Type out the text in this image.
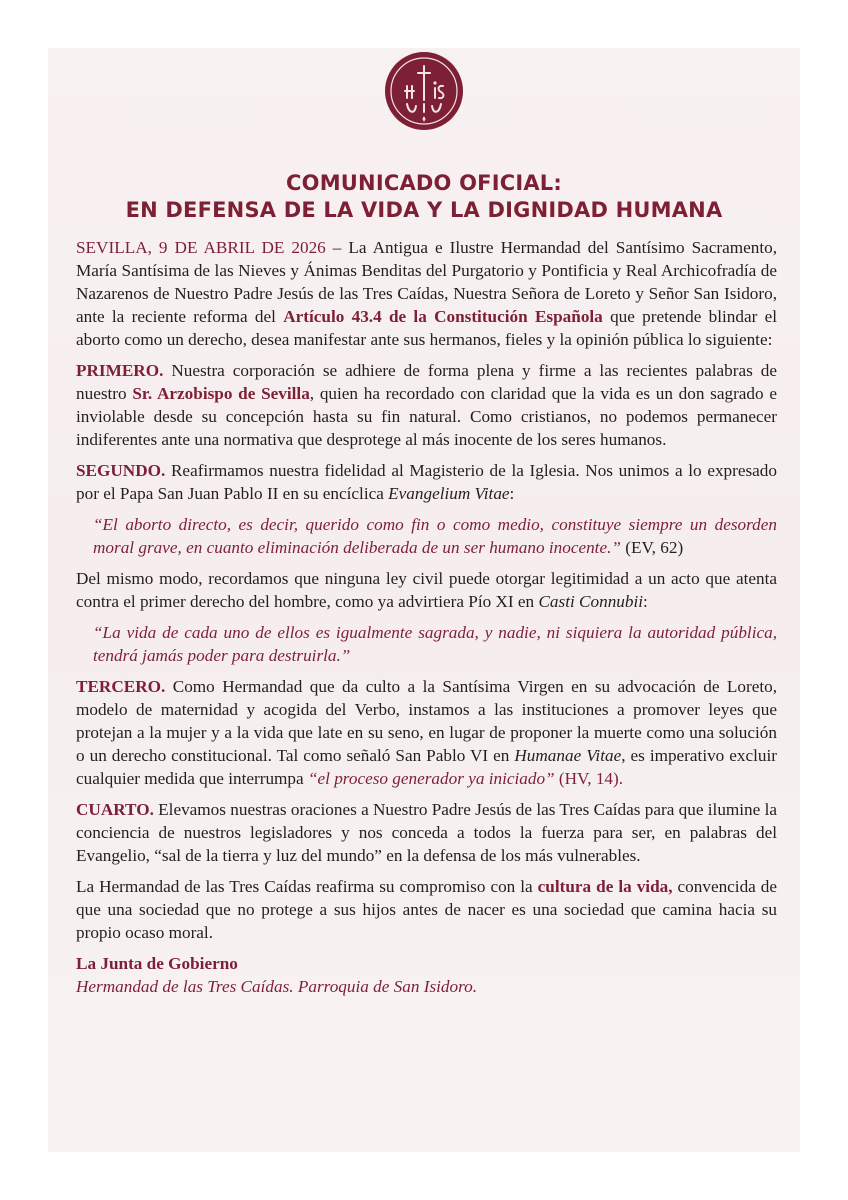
COMUNICADO OFICIAL:
EN DEFENSA DE LA VIDA Y LA DIGNIDAD HUMANA

SEVILLA, 9 DE ABRIL DE 2026 – La Antigua e Ilustre Hermandad del Santísimo Sacramento, María Santísima de las Nieves y Ánimas Benditas del Purgatorio y Pontificia y Real Archicofradía de Nazarenos de Nuestro Padre Jesús de las Tres Caídas, Nuestra Señora de Loreto y Señor San Isidoro, ante la reciente reforma del Artículo 43.4 de la Constitución Española que pretende blindar el aborto como un derecho, desea manifestar ante sus hermanos, fieles y la opinión pública lo siguiente:

PRIMERO. Nuestra corporación se adhiere de forma plena y firme a las recientes palabras de nuestro Sr. Arzobispo de Sevilla, quien ha recordado con claridad que la vida es un don sagrado e inviolable desde su concepción hasta su fin natural. Como cristianos, no podemos permanecer indiferentes ante una normativa que desprotege al más inocente de los seres humanos.

SEGUNDO. Reafirmamos nuestra fidelidad al Magisterio de la Iglesia. Nos unimos a lo expresado por el Papa San Juan Pablo II en su encíclica Evangelium Vitae:

“El aborto directo, es decir, querido como fin o como medio, constituye siempre un desorden moral grave, en cuanto eliminación deliberada de un ser humano inocente.” (EV, 62)

Del mismo modo, recordamos que ninguna ley civil puede otorgar legitimidad a un acto que atenta contra el primer derecho del hombre, como ya advirtiera Pío XI en Casti Connubii:

“La vida de cada uno de ellos es igualmente sagrada, y nadie, ni siquiera la autoridad pública, tendrá jamás poder para destruirla.”

TERCERO. Como Hermandad que da culto a la Santísima Virgen en su advocación de Loreto, modelo de maternidad y acogida del Verbo, instamos a las instituciones a promover leyes que protejan a la mujer y a la vida que late en su seno, en lugar de proponer la muerte como una solución o un derecho constitucional. Tal como señaló San Pablo VI en Humanae Vitae, es imperativo excluir cualquier medida que interrumpa “el proceso generador ya iniciado” (HV, 14).

CUARTO. Elevamos nuestras oraciones a Nuestro Padre Jesús de las Tres Caídas para que ilumine la conciencia de nuestros legisladores y nos conceda a todos la fuerza para ser, en palabras del Evangelio, “sal de la tierra y luz del mundo” en la defensa de los más vulnerables.

La Hermandad de las Tres Caídas reafirma su compromiso con la cultura de la vida, convencida de que una sociedad que no protege a sus hijos antes de nacer es una sociedad que camina hacia su propio ocaso moral.

La Junta de Gobierno

Hermandad de las Tres Caídas. Parroquia de San Isidoro.
